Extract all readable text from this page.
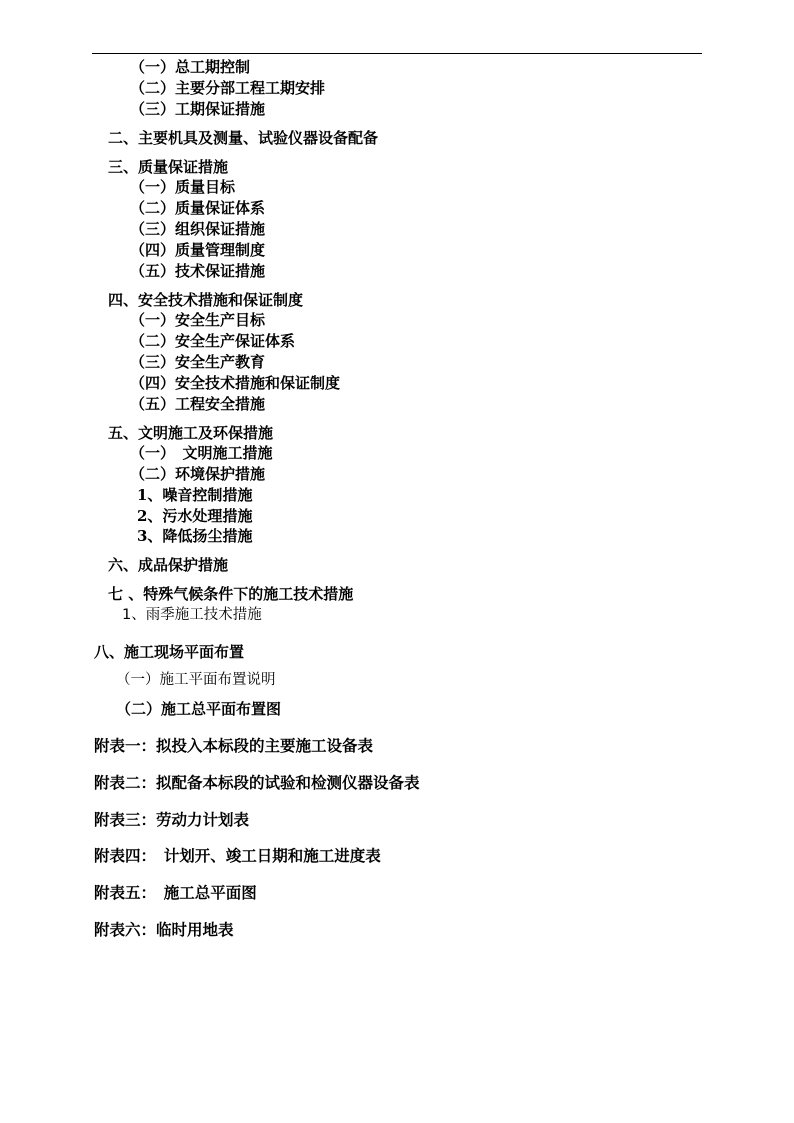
（一）总工期控制
（二）主要分部工程工期安排
（三）工期保证措施
二、主要机具及测量、试验仪器设备配备
三、质量保证措施
（一）质量目标
（二）质量保证体系
（三）组织保证措施
（四）质量管理制度
（五）技术保证措施
四、安全技术措施和保证制度
（一）安全生产目标
（二）安全生产保证体系
（三）安全生产教育
（四）安全技术措施和保证制度
（五）工程安全措施
五、文明施工及环保措施
（一）　文明施工措施
（二）环境保护措施
1、噪音控制措施
2、污水处理措施
3、降低扬尘措施
六、成品保护措施
七 、特殊气候条件下的施工技术措施
1、雨季施工技术措施
八、施工现场平面布置
（一）施工平面布置说明
（二）施工总平面布置图
附表一：拟投入本标段的主要施工设备表
附表二：拟配备本标段的试验和检测仪器设备表
附表三：劳动力计划表
附表四：　计划开、竣工日期和施工进度表
附表五：　施工总平面图
附表六：临时用地表
